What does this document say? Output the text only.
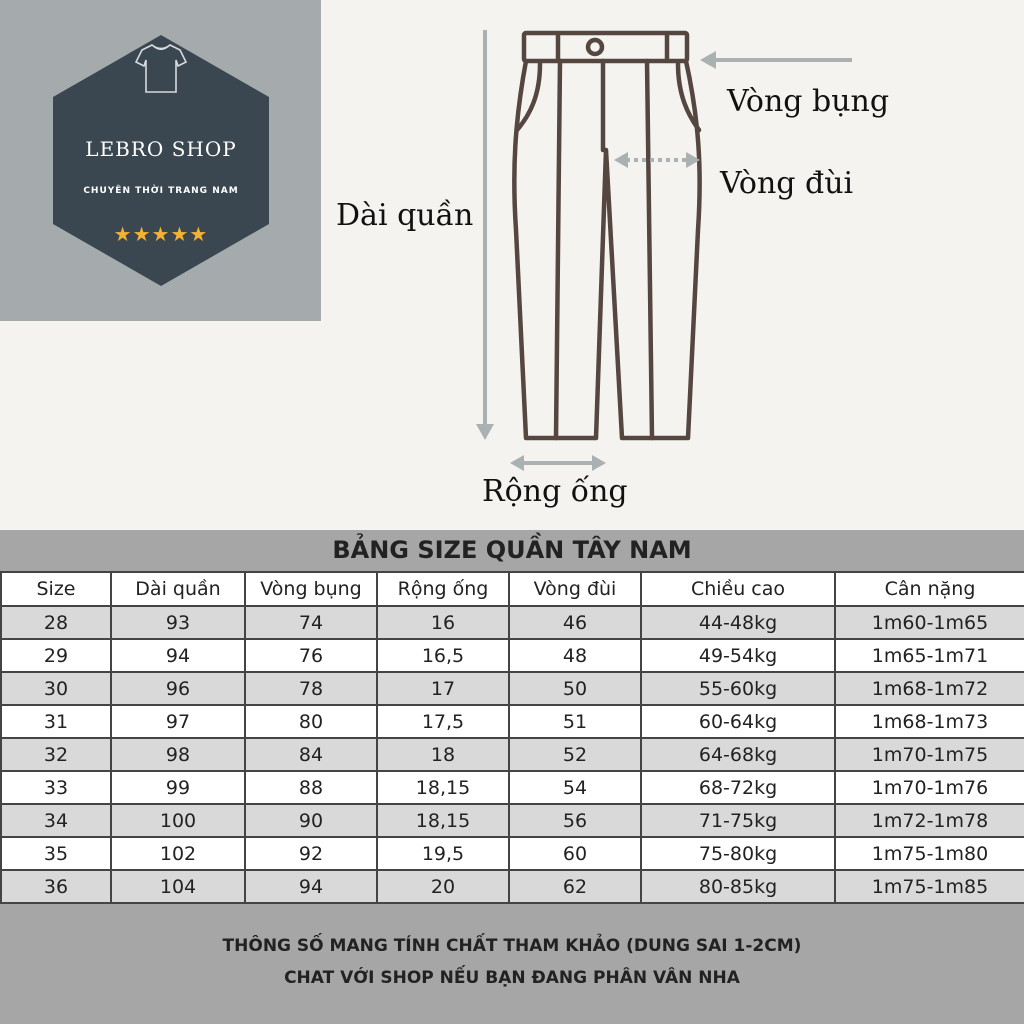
LEBRO SHOP
CHUYÊN THỜI TRANG NAM
★★★★★
Vòng bụng
Vòng đùi
Dài quần
Rộng ống
BẢNG SIZE QUẦN TÂY NAM
Size	Dài quần	Vòng bụng	Rộng ống	Vòng đùi	Chiều cao	Cân nặng
28	93	74	16	46	44-48kg	1m60-1m65
29	94	76	16,5	48	49-54kg	1m65-1m71
30	96	78	17	50	55-60kg	1m68-1m72
31	97	80	17,5	51	60-64kg	1m68-1m73
32	98	84	18	52	64-68kg	1m70-1m75
33	99	88	18,15	54	68-72kg	1m70-1m76
34	100	90	18,15	56	71-75kg	1m72-1m78
35	102	92	19,5	60	75-80kg	1m75-1m80
36	104	94	20	62	80-85kg	1m75-1m85
THÔNG SỐ MANG TÍNH CHẤT THAM KHẢO (DUNG SAI 1-2CM)
CHAT VỚI SHOP NẾU BẠN ĐANG PHÂN VÂN NHA
